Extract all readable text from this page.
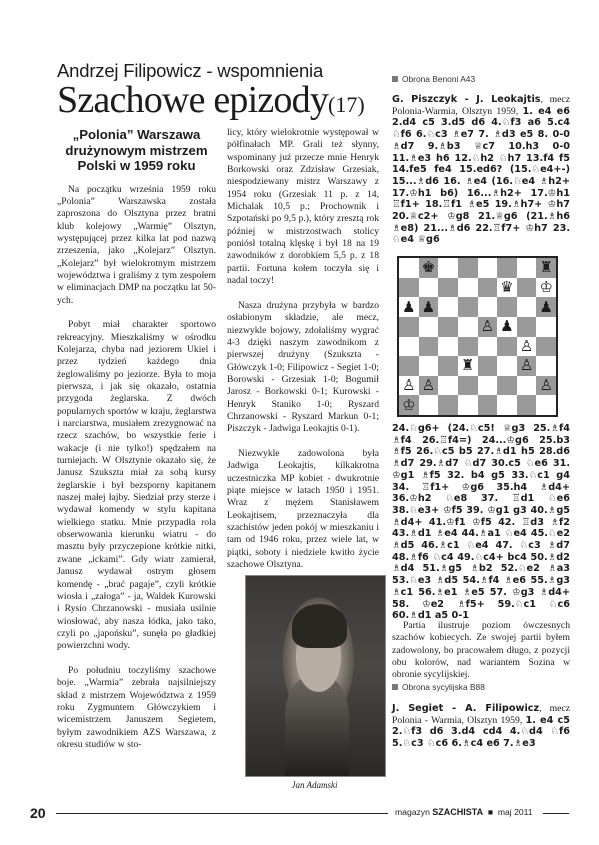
Andrzej Filipowicz - wspomnienia
Szachowe epizody(17)
„Polonia” Warszawa drużynowym mistrzem Polski w 1959 roku

Na początku września 1959 roku „Polonia” Warszawska została zaproszona do Olsztyna przez bratni klub kolejowy „Warmię” Olsztyn, występującej przez kilka lat pod nazwą zrzeszenia, jako „Kolejarz” Olsztyn. „Kolejarz” był wielokrotnym mistrzem województwa i graliśmy z tym zespołem w eliminacjach DMP na początku lat 50-ych.

Pobyt miał charakter sportowo rekreacyjny. Mieszkaliśmy w ośrodku Kolejarza, chyba nad jeziorem Ukiel i przez tydzień każdego dnia żeglowaliśmy po jeziorze. Była to moja pierwsza, i jak się okazało, ostatnia przygoda żeglarska. Z dwóch popularnych sportów w kraju, żeglarstwa i narciarstwa, musiałem zrezygnować na rzecz szachów, bo wszystkie ferie i wakacje (i nie tylko!) spędzałem na turniejach. W Olsztynie okazało się, że Janusz Szukszta miał za sobą kursy żeglarskie i był bezsporny kapitanem naszej małej łajby. Siedział przy sterze i wydawał komendy w stylu kapitana wielkiego statku. Mnie przypadła rola obserwowania kierunku wiatru - do masztu były przyczepione krótkie nitki, zwane „ickami”. Gdy wiatr zamierał, Janusz wydawał ostrym głosem komendę - „brać pagaje”, czyli krótkie wiosła i „załoga” - ja, Waldek Kurowski i Rysio Chrzanowski - musiała usilnie wiosłować, aby nasza łódka, jako tako, czyli po „japońsku”, sunęła po gładkiej powierzchni wody.

Po południu toczyliśmy szachowe boje. „Warmia” zebrała najsilniejszy skład z mistrzem Województwa z 1959 roku Zygmuntem Główczykiem i wicemistrzem Januszem Segietem, byłym zawodnikiem AZS Warszawa, z okresu studiów w sto-

licy, który wielokrotnie występował w półfinałach MP. Grali też słynny, wspominany już przecze mnie Henryk Borkowski oraz Zdzisław Grzesiak, niespodziewany mistrz Warszawy z 1954 roku (Grzesiak 11 p. z 14, Michalak 10,5 p.; Prochownik i Szpotański po 9,5 p.), który zresztą rok później w mistrzostwach stolicy poniósł totalną klęskę i był 18 na 19 zawodników z dorobkiem 5,5 p. z 18 partii. Fortuna kołem toczyła się i nadal toczy!

Nasza drużyna przybyła w bardzo osłabionym składzie, ale mecz, niezwykle bojowy, zdołaliśmy wygrać 4-3 dzięki naszym zawodnikom z pierwszej drużyny (Szukszta - Główczyk 1-0; Filipowicz - Segiet 1-0; Borowski - Grzesiak 1-0; Bogumił Jarosz - Borkowski 0-1; Kurowski - Henryk Staniko 1-0; Ryszard Chrzanowski - Ryszard Markun 0-1; Piszczyk - Jadwiga Leokajtis 0-1).

Niezwykle zadowolona była Jadwiga Leokajtis, kilkakrotna uczestniczka MP kobiet - dwukrotnie piąte miejsce w latach 1950 i 1951. Wraz z mężem Stanisławem Leokajtisem, przeznaczyła dla szachistów jeden pokój w mieszkaniu i tam od 1946 roku, przez wiele lat, w piątki, soboty i niedziele kwitło życie szachowe Olsztyna.

Jan Adamski
Obrona Benoni A43
G. Piszczyk - J. Leokajtis, mecz Polonia-Warmia, Olsztyn 1959, 1. e4 e6 2.d4 c5 3.d5 d6 4.♘f3 a6 5.c4 ♘f6 6.♘c3 ♗e7 7. ♗d3 e5 8. 0-0 ♗d7 9.♗b3 ♕c7 10.h3 0-0 11.♗e3 h6 12.♘h2 ♘h7 13.f4 f5 14.fe5 fe4 15.ed6? (15.♘e4+-) 15...♗d6 16. ♗e4 (16.♘e4 ♗h2+ 17.♔h1 b6) 16...♗h2+ 17.♔h1 ♖f1+ 18.♖f1 ♗e5 19.♗h7+ ♔h7 20.♕c2+ ♔g8 21.♕g6 (21.♗h6 ♗e8) 21...♗d6 22.♖f7+ ♔h7 23. ♘e4 ♕g6
♚	♜
♛ ♔
♟ ♟	♟
♙ ♟
♙
♜	♙
♙ ♙	♙
♔
24.♘g6+ (24.♘c5! ♕g3 25.♗f4 ♗f4 26.♖f4=) 24...♔g6 25.b3 ♗f5 26.♘c5 b5 27.♗d1 h5 28.d6 ♗d7 29.♗d7 ♘d7 30.c5 ♘e6 31. ♔g1 ♗f5 32. b4 g5 33.♘c1 g4 34. ♖f1+ ♔g6 35.h4 ♗d4+ 36.♔h2 ♘e8 37. ♖d1 ♘e6 38.♘e3+ ♔f5 39. ♔g1 g3 40.♗g5 ♗d4+ 41.♔f1 ♔f5 42. ♖d3 ♗f2 43.♗d1 ♗e4 44.♗a1 ♘e4 45.♘e2 ♗d5 46.♗c1 ♘e4 47. ♘c3 ♗d7 48.♗f6 ♘c4 49.♘c4+ bc4 50.♗d2 ♗d4 51.♗g5 ♗b2 52.♘e2 ♗a3 53.♘e3 ♗d5 54.♗f4 ♗e6 55.♗g3 ♗c1 56.♗e1 ♗e5 57. ♔g3 ♗d4+ 58. ♔e2 ♗f5+ 59.♘c1 ♘c6 60.♗d1 a5 0-1

Partia ilustruje poziom ówczesnych szachów kobiecych. Ze swojej partii byłem zadowolony, bo pracowałem długo, z pozycji obu kolorów, nad wariantem Sozina w obronie sycylijskiej.

Obrona sycylijska B88
J. Segiet - A. Filipowicz, mecz Polonia - Warmia, Olsztyn 1959, 1. e4 c5 2.♘f3 d6 3.d4 cd4 4.♘d4 ♘f6 5.♘c3 ♘c6 6.♗c4 e6 7.♗e3
20	magazyn SZACHISTA  ■  maj 2011
